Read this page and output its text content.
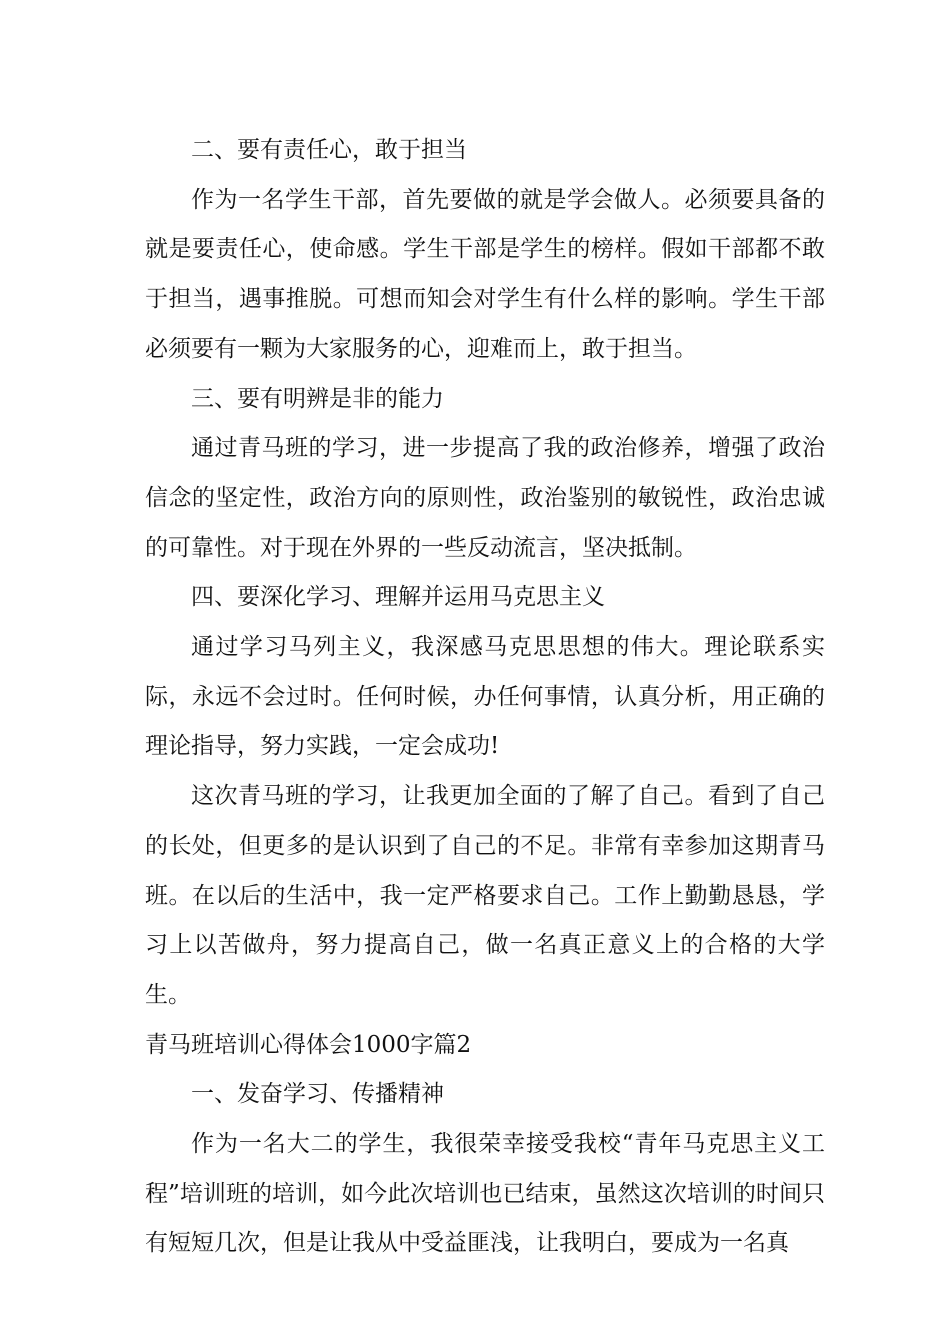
二、要有责任心，敢于担当

作为一名学生干部，首先要做的就是学会做人。必须要具备的就是要责任心，使命感。学生干部是学生的榜样。假如干部都不敢于担当，遇事推脱。可想而知会对学生有什么样的影响。学生干部必须要有一颗为大家服务的心，迎难而上，敢于担当。

三、要有明辨是非的能力

通过青马班的学习，进一步提高了我的政治修养，增强了政治信念的坚定性，政治方向的原则性，政治鉴别的敏锐性，政治忠诚的可靠性。对于现在外界的一些反动流言，坚决抵制。

四、要深化学习、理解并运用马克思主义

通过学习马列主义，我深感马克思思想的伟大。理论联系实际，永远不会过时。任何时候，办任何事情，认真分析，用正确的理论指导，努力实践，一定会成功!

这次青马班的学习，让我更加全面的了解了自己。看到了自己的长处，但更多的是认识到了自己的不足。非常有幸参加这期青马班。在以后的生活中，我一定严格要求自己。工作上勤勤恳恳，学习上以苦做舟，努力提高自己，做一名真正意义上的合格的大学生。

青马班培训心得体会1000字篇2

一、发奋学习、传播精神

作为一名大二的学生，我很荣幸接受我校“青年马克思主义工程”培训班的培训，如今此次培训也已结束，虽然这次培训的时间只有短短几次，但是让我从中受益匪浅，让我明白，要成为一名真
